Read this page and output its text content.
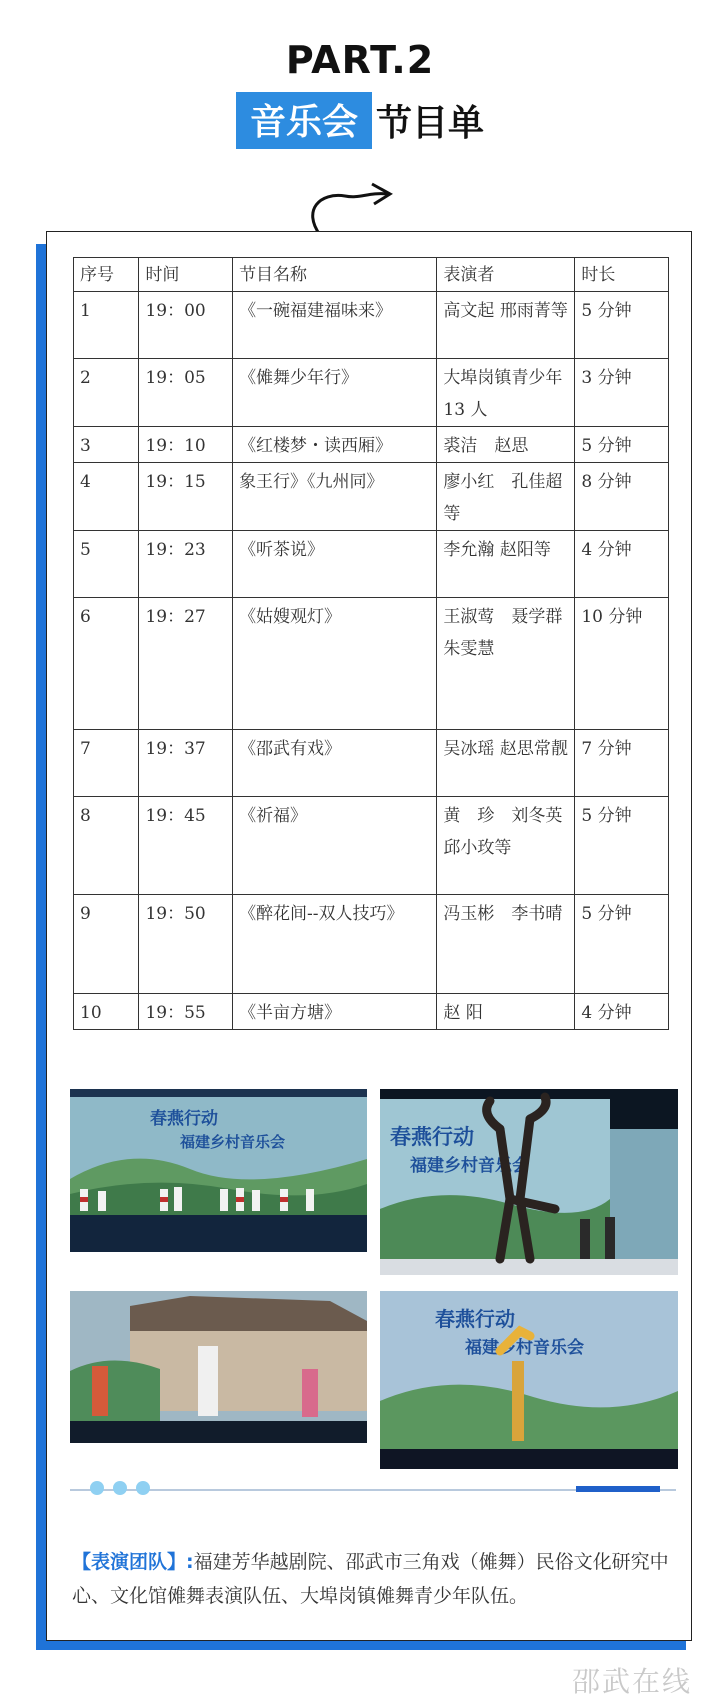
PART.2
音乐会 节目单
序号	时间	节目名称	表演者	时长
1	19：00	《一碗福建福味来》	高文起 邢雨菁等	5 分钟
2	19：05	《傩舞少年行》	大埠岗镇青少年 13 人	3 分钟
3	19：10	《红楼梦・读西厢》	裘洁　赵思	5 分钟
4	19：15	象王行》《九州同》	廖小红　孔佳超 等	8 分钟
5	19：23	《听茶说》	李允瀚 赵阳等	4 分钟
6	19：27	《姑嫂观灯》	王淑莺　聂学群　朱雯慧	10 分钟
7	19：37	《邵武有戏》	吴冰瑶 赵思常靓	7 分钟
8	19：45	《祈福》	黄　珍　刘冬英　邱小玫等	5 分钟
9	19：50	《醉花间--双人技巧》	冯玉彬　李书晴	5 分钟
10	19：55	《半亩方塘》	赵 阳	4 分钟
春燕行动
福建乡村音乐会	春燕行动
福建乡村音乐会
春燕行动
福建乡村音乐会
【表演团队】:福建芳华越剧院、邵武市三角戏（傩舞）民俗文化研究中心、文化馆傩舞表演队伍、大埠岗镇傩舞青少年队伍。
邵武在线
